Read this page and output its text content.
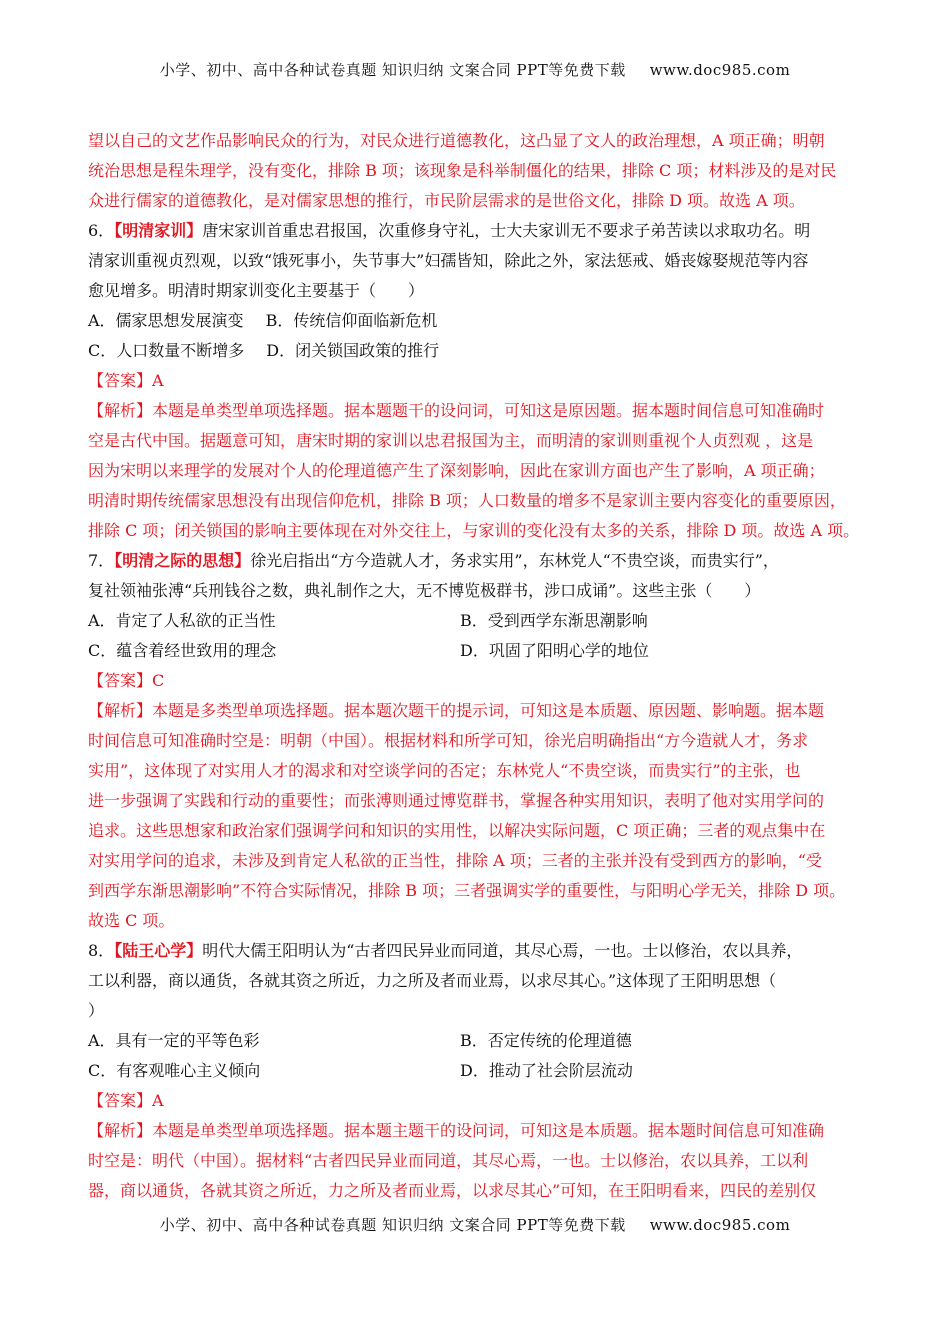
小学、初中、高中各种试卷真题 知识归纳 文案合同 PPT等免费下载 www.doc985.com

望以自己的文艺作品影响民众的行为，对民众进行道德教化，这凸显了文人的政治理想，A 项正确；明朝

统治思想是程朱理学，没有变化，排除 B 项；该现象是科举制僵化的结果，排除 C 项；材料涉及的是对民

众进行儒家的道德教化，是对儒家思想的推行，市民阶层需求的是世俗文化，排除 D 项。故选 A 项。

6．【明清家训】唐宋家训首重忠君报国，次重修身守礼，士大夫家训无不要求子弟苦读以求取功名。明

清家训重视贞烈观，以致“饿死事小，失节事大”妇孺皆知，除此之外，家法惩戒、婚丧嫁娶规范等内容

愈见增多。明清时期家训变化主要基于（　　）

A．儒家思想发展演变 B．传统信仰面临新危机

C．人口数量不断增多 D．闭关锁国政策的推行

【答案】A

【解析】本题是单类型单项选择题。据本题题干的设问词，可知这是原因题。据本题时间信息可知准确时

空是古代中国。据题意可知，唐宋时期的家训以忠君报国为主，而明清的家训则重视个人贞烈观 ，这是

因为宋明以来理学的发展对个人的伦理道德产生了深刻影响，因此在家训方面也产生了影响，A 项正确；

明清时期传统儒家思想没有出现信仰危机，排除 B 项；人口数量的增多不是家训主要内容变化的重要原因，

排除 C 项；闭关锁国的影响主要体现在对外交往上，与家训的变化没有太多的关系，排除 D 项。故选 A 项。

7．【明清之际的思想】徐光启指出“方今造就人才，务求实用”，东林党人“不贵空谈，而贵实行”，

复社领袖张溥“兵刑钱谷之数，典礼制作之大，无不博览极群书，涉口成诵”。这些主张（　　）

A．肯定了人私欲的正当性	B．受到西学东渐思潮影响

C．蕴含着经世致用的理念	D．巩固了阳明心学的地位

【答案】C

【解析】本题是多类型单项选择题。据本题次题干的提示词，可知这是本质题、原因题、影响题。据本题

时间信息可知准确时空是：明朝（中国）。根据材料和所学可知，徐光启明确指出“方今造就人才，务求

实用”，这体现了对实用人才的渴求和对空谈学问的否定；东林党人“不贵空谈，而贵实行”的主张，也

进一步强调了实践和行动的重要性；而张溥则通过博览群书，掌握各种实用知识，表明了他对实用学问的

追求。这些思想家和政治家们强调学问和知识的实用性，以解决实际问题，C 项正确；三者的观点集中在

对实用学问的追求，未涉及到肯定人私欲的正当性，排除 A 项；三者的主张并没有受到西方的影响，“受

到西学东渐思潮影响”不符合实际情况，排除 B 项；三者强调实学的重要性，与阳明心学无关，排除 D 项。

故选 C 项。

8．【陆王心学】明代大儒王阳明认为“古者四民异业而同道，其尽心焉，一也。士以修治，农以具养，

工以利器，商以通货，各就其资之所近，力之所及者而业焉，以求尽其心。”这体现了王阳明思想（

）

A．具有一定的平等色彩	B．否定传统的伦理道德

C．有客观唯心主义倾向	D．推动了社会阶层流动

【答案】A

【解析】本题是单类型单项选择题。据本题主题干的设问词，可知这是本质题。据本题时间信息可知准确

时空是：明代（中国）。据材料“古者四民异业而同道，其尽心焉，一也。士以修治，农以具养，工以利

器，商以通货，各就其资之所近，力之所及者而业焉，以求尽其心”可知，在王阳明看来，四民的差别仅

小学、初中、高中各种试卷真题 知识归纳 文案合同 PPT等免费下载 www.doc985.com
